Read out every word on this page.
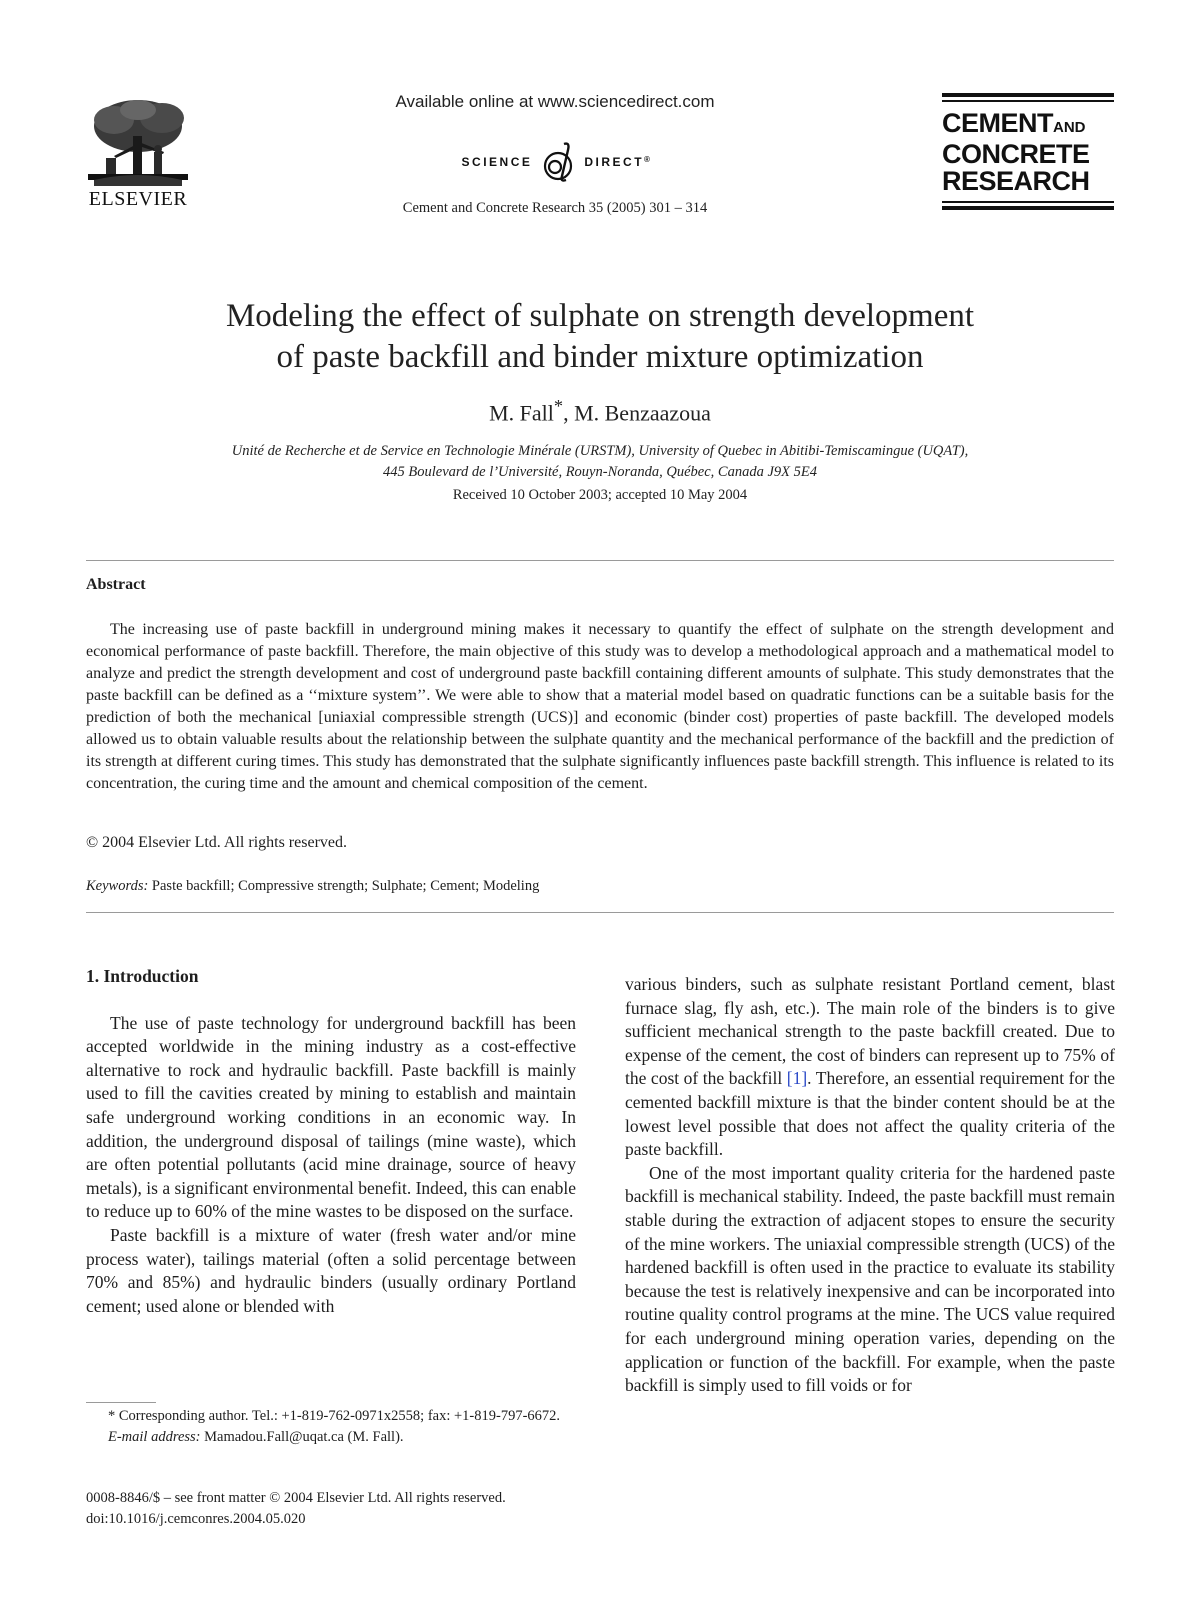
ELSEVIER
Available online at www.sciencedirect.com
SCIENCE	DIRECT®
Cement and Concrete Research 35 (2005) 301 – 314
CEMENTAND
CONCRETE
RESEARCH
Modeling the effect of sulphate on strength development
of paste backfill and binder mixture optimization
M. Fall*, M. Benzaazoua
Unité de Recherche et de Service en Technologie Minérale (URSTM), University of Quebec in Abitibi-Temiscamingue (UQAT),
445 Boulevard de l’Université, Rouyn-Noranda, Québec, Canada J9X 5E4
Received 10 October 2003; accepted 10 May 2004
Abstract
The increasing use of paste backfill in underground mining makes it necessary to quantify the effect of sulphate on the strength development and economical performance of paste backfill. Therefore, the main objective of this study was to develop a methodological approach and a mathematical model to analyze and predict the strength development and cost of underground paste backfill containing different amounts of sulphate. This study demonstrates that the paste backfill can be defined as a ‘‘mixture system’’. We were able to show that a material model based on quadratic functions can be a suitable basis for the prediction of both the mechanical [uniaxial compressible strength (UCS)] and economic (binder cost) properties of paste backfill. The developed models allowed us to obtain valuable results about the relationship between the sulphate quantity and the mechanical performance of the backfill and the prediction of its strength at different curing times. This study has demonstrated that the sulphate significantly influences paste backfill strength. This influence is related to its concentration, the curing time and the amount and chemical composition of the cement.
© 2004 Elsevier Ltd. All rights reserved.
Keywords: Paste backfill; Compressive strength; Sulphate; Cement; Modeling
1. Introduction

The use of paste technology for underground backfill has been accepted worldwide in the mining industry as a cost-effective alternative to rock and hydraulic backfill. Paste backfill is mainly used to fill the cavities created by mining to establish and maintain safe underground working conditions in an economic way. In addition, the underground disposal of tailings (mine waste), which are often potential pollutants (acid mine drainage, source of heavy metals), is a significant environmental benefit. Indeed, this can enable to reduce up to 60% of the mine wastes to be disposed on the surface.

Paste backfill is a mixture of water (fresh water and/or mine process water), tailings material (often a solid percentage between 70% and 85%) and hydraulic binders (usually ordinary Portland cement; used alone or blended with

various binders, such as sulphate resistant Portland cement, blast furnace slag, fly ash, etc.). The main role of the binders is to give sufficient mechanical strength to the paste backfill created. Due to expense of the cement, the cost of binders can represent up to 75% of the cost of the backfill [1]. Therefore, an essential requirement for the cemented backfill mixture is that the binder content should be at the lowest level possible that does not affect the quality criteria of the paste backfill.

One of the most important quality criteria for the hardened paste backfill is mechanical stability. Indeed, the paste backfill must remain stable during the extraction of adjacent stopes to ensure the security of the mine workers. The uniaxial compressible strength (UCS) of the hardened backfill is often used in the practice to evaluate its stability because the test is relatively inexpensive and can be incorporated into routine quality control programs at the mine. The UCS value required for each underground mining operation varies, depending on the application or function of the backfill. For example, when the paste backfill is simply used to fill voids or for

* Corresponding author. Tel.: +1-819-762-0971x2558; fax: +1-819-797-6672.

E-mail address: Mamadou.Fall@uqat.ca (M. Fall).

0008-8846/$ – see front matter © 2004 Elsevier Ltd. All rights reserved.
doi:10.1016/j.cemconres.2004.05.020
